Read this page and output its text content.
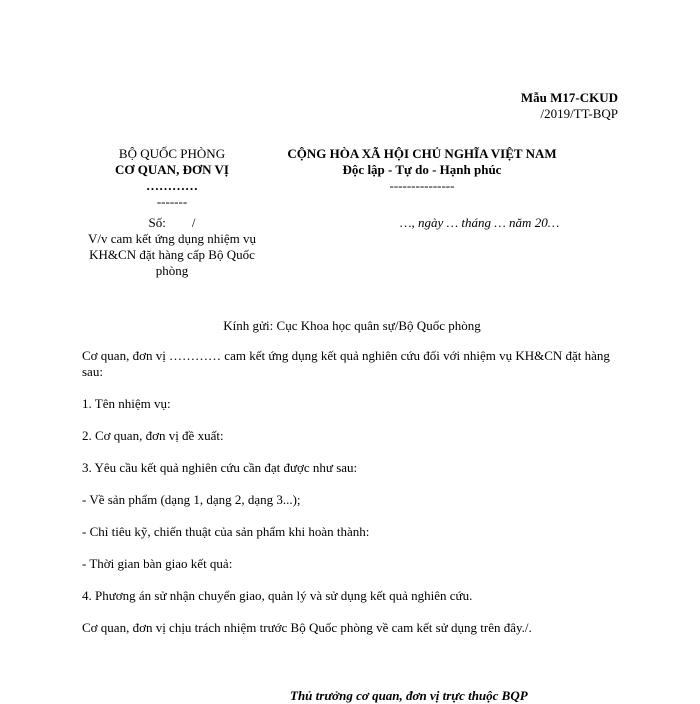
Mẫu M17-CKUD
/2019/TT-BQP
BỘ QUỐC PHÒNG
CƠ QUAN, ĐƠN VỊ
…………
-------
CỘNG HÒA XÃ HỘI CHỦ NGHĨA VIỆT NAM
Độc lập - Tự do - Hạnh phúc
---------------
Số:        /
V/v cam kết ứng dụng nhiệm vụ KH&CN đặt hàng cấp Bộ Quốc phòng
…, ngày … tháng … năm 20…

Kính gửi: Cục Khoa học quân sự/Bộ Quốc phòng

Cơ quan, đơn vị ………… cam kết ứng dụng kết quả nghiên cứu đối với nhiệm vụ KH&CN đặt hàng sau:

1. Tên nhiệm vụ:

2. Cơ quan, đơn vị đề xuất:

3. Yêu cầu kết quả nghiên cứu cần đạt được như sau:

- Về sản phẩm (dạng 1, dạng 2, dạng 3...);

- Chỉ tiêu kỹ, chiến thuật của sản phẩm khi hoàn thành:

- Thời gian bàn giao kết quả:

4. Phương án sử nhận chuyển giao, quản lý và sử dụng kết quả nghiên cứu.

Cơ quan, đơn vị chịu trách nhiệm trước Bộ Quốc phòng về cam kết sử dụng trên đây./.

Thủ trưởng cơ quan, đơn vị trực thuộc BQP
